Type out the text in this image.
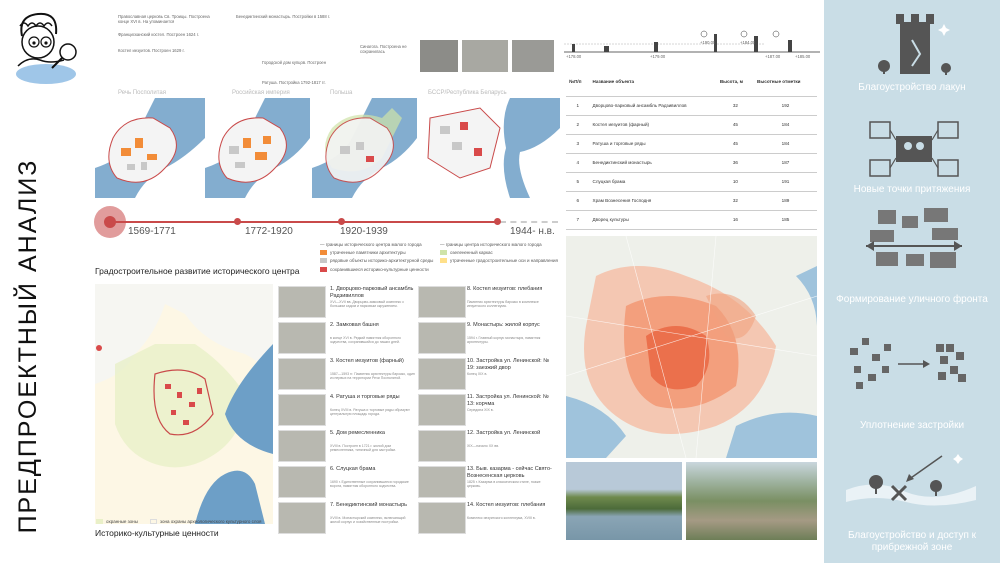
ПРЕДПРОЕКТНЫЙ АНАЛИЗ
Православная церковь Св. Троицы. Построена конце XVI в. На упоминается
Францисканский костел. Построен 1624 г.
Костел иезуитов. Построен 1629 г.
Бенедиктинский монастырь. Постройки в 1588 г.
Городской дом купцов. Построен
Ратуша. Постройка 1792-1817 гг.
Синагога. Построена не сохранилась
Речь Посполитая	Российская империя	Польша	БССР/Республика Беларусь
1569-1771	1772-1920	1920-1939	1944- н.в.
— границы исторического центра малого города
утраченные памятники архитектуры
рядовые объекты историко-архитектурной среды
сохранившиеся историко-культурные ценности
— границы центра исторического малого города
озелененный каркас
утраченные градостроительные оси и направления
Градостроительное развитие исторического центра
охранные зоны	зона охраны археологического культурного слоя
Историко-культурные ценности
1. Дворцово-парковый ансамбль Радзивиллов
XVI—XVII вв. Дворцово-замковый комплекс с большим садом и парковым окружением.
2. Замковая башня
в конце XVI в. Редкий памятник оборонного зодчества, сохранившийся до наших дней.
3. Костел иезуитов (фарный)
1587—1593 гг. Памятник архитектуры барокко, один из первых на территории Речи Посполитой.
4. Ратуша и торговые ряды
Конец XVIII в. Ратуша и торговые ряды образуют центральную площадь города.
5. Дом ремесленника
XVIII в. Построен в 1721 г. жилой дом ремесленника, типичный для застройки.
6. Слуцкая брама
1690 г. Единственные сохранившиеся городские ворота, памятник оборонного зодчества.
7. Бенедиктинский монастырь
XVIII в. Монастырский комплекс, включающий жилой корпус и хозяйственные постройки.
8. Костел иезуитов: плебания
Памятник архитектуры барокко в комплексе иезуитского коллегиума.
9. Монастырь: жилой корпус
1594 г. Главный корпус монастыря, памятник архитектуры.
10. Застройка ул. Ленинской: № 19: заезжий двор
Конец XIX в.
11. Застройка ул. Ленинской: № 13: корчма
Середина XIX в.
12. Застройка ул. Ленинской
XIX—начало XX вв.
13. Быв. казарма - сейчас Свято-Вознесенская церковь
1825 г. Казарма в классическом стиле, позже церковь.
14. Костел иезуитов: плебания
Комплекс иезуитского коллегиума, XVIII в.
+178.00	+179.00
+190.00	+184.00
+187.00	+185.00
№П/п	Название объекта	Высота, м	Высотные отметки
1	Дворцово-парковый ансамбль Радзивиллов	32	192
2	Костел иезуитов (фарный)	45	184
3	Ратуша и торговые ряды	45	184
4	Бенедиктинский монастырь	36	187
5	Слуцкая брама	10	191
6	Храм Вознесения Господня	32	189
7	Дворец культуры	16	185
Благоустройство лакун
Новые точки притяжения
Формирование уличного фронта
Уплотнение застройки
Благоустройство и доступ к прибрежной зоне
